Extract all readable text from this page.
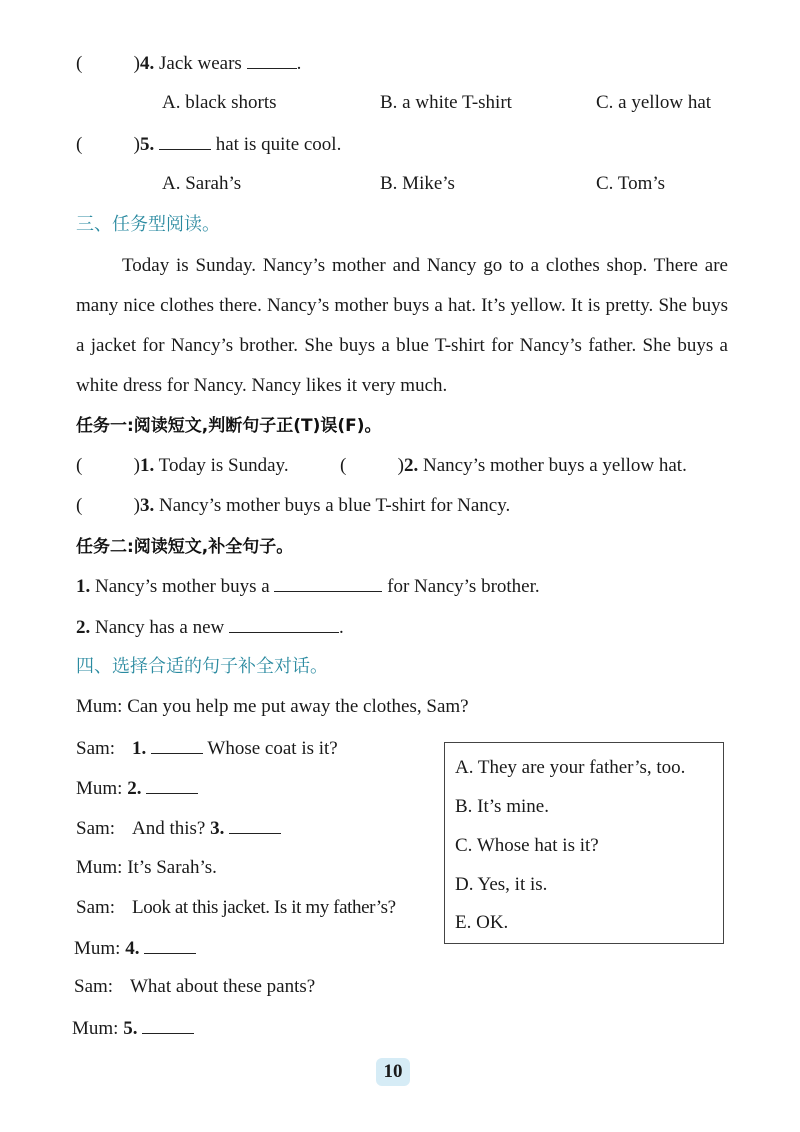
( )4. Jack wears	.
A. black shorts	B. a white T-shirt	C. a yellow hat
( )5.	hat is quite cool.
A. Sarah’s	B. Mike’s	C. Tom’s
三、任务型阅读。
Today is Sunday. Nancy’s mother and Nancy go to a clothes shop. There are many nice clothes there. Nancy’s mother buys a hat. It’s yellow. It is pretty. She buys a jacket for Nancy’s brother. She buys a blue T-shirt for Nancy’s father. She buys a white dress for Nancy. Nancy likes it very much.
任务一:阅读短文,判断句子正(T)误(F)。
( )1. Today is Sunday.
( )	2. Nancy’s mother buys a yellow hat.
( )3. Nancy’s mother buys a blue T-shirt for Nancy.
任务二:阅读短文,补全句子。
1. Nancy’s mother buys a	for Nancy’s brother.
2. Nancy has a new	.
四、选择合适的句子补全对话。
Mum: Can you help me put away the clothes, Sam?
Sam: 1.	Whose coat is it?
Mum: 2.
Sam: And this? 3.
Mum: It’s Sarah’s.
Sam: Look at this jacket. Is it my father’s?
Mum: 4.
Sam: What about these pants?
Mum: 5.
A. They are your father’s, too.
B. It’s mine.
C. Whose hat is it?
D. Yes, it is.
E. OK.
10
